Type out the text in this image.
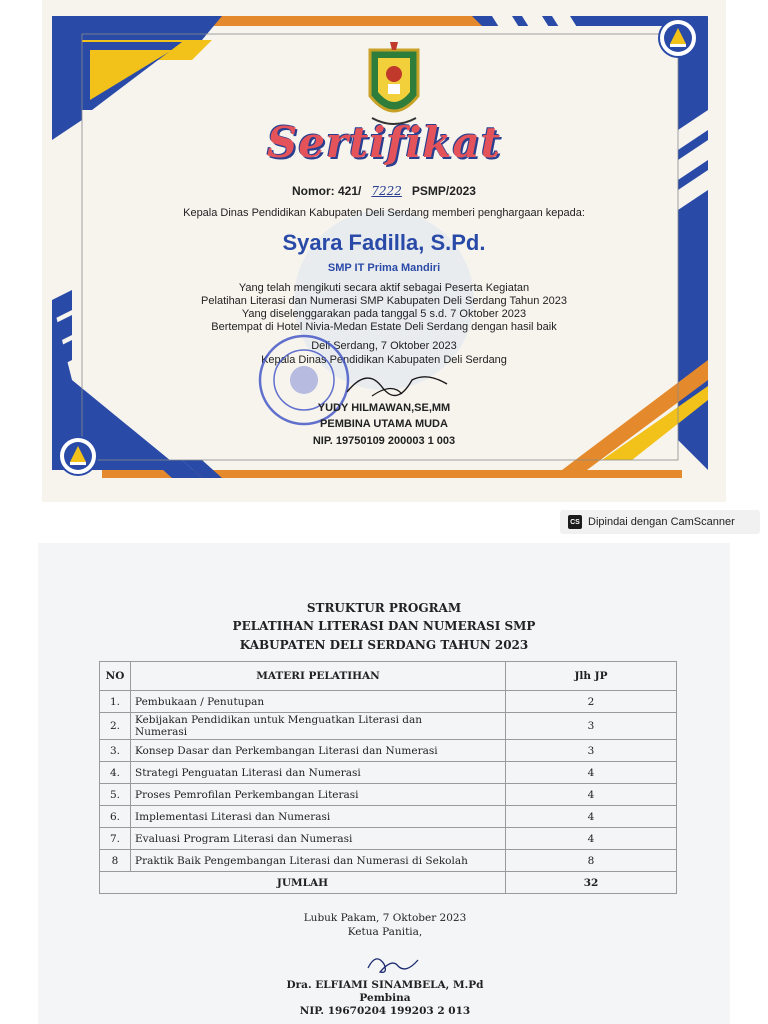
Sertifikat
Nomor: 421/ 7222 PSMP/2023
Kepala Dinas Pendidikan Kabupaten Deli Serdang memberi penghargaan kepada:
Syara Fadilla, S.Pd.
SMP IT Prima Mandiri
Yang telah mengikuti secara aktif sebagai Peserta Kegiatan
Pelatihan Literasi dan Numerasi SMP Kabupaten Deli Serdang Tahun 2023
Yang diselenggarakan pada tanggal 5 s.d. 7 Oktober 2023
Bertempat di Hotel Nivia-Medan Estate Deli Serdang dengan hasil baik
Deli Serdang, 7 Oktober 2023
Kepala Dinas Pendidikan Kabupaten Deli Serdang
YUDY HILMAWAN,SE,MM
PEMBINA UTAMA MUDA
NIP. 19750109 200003 1 003
CS Dipindai dengan CamScanner
STRUKTUR PROGRAM
PELATIHAN LITERASI DAN NUMERASI SMP
KABUPATEN DELI SERDANG TAHUN 2023
NO	MATERI PELATIHAN	Jlh JP
1.	Pembukaan / Penutupan	2
2.	Kebijakan Pendidikan untuk Menguatkan Literasi dan
Numerasi	3
3.	Konsep Dasar dan Perkembangan Literasi dan Numerasi	3
4.	Strategi Penguatan Literasi dan Numerasi	4
5.	Proses Pemrofilan Perkembangan Literasi	4
6.	Implementasi Literasi dan Numerasi	4
7.	Evaluasi Program Literasi dan Numerasi	4
8	Praktik Baik Pengembangan Literasi dan Numerasi di Sekolah	8
JUMLAH		32
Lubuk Pakam, 7 Oktober 2023
Ketua Panitia,
Dra. ELFIAMI SINAMBELA, M.Pd
Pembina
NIP. 19670204 199203 2 013
